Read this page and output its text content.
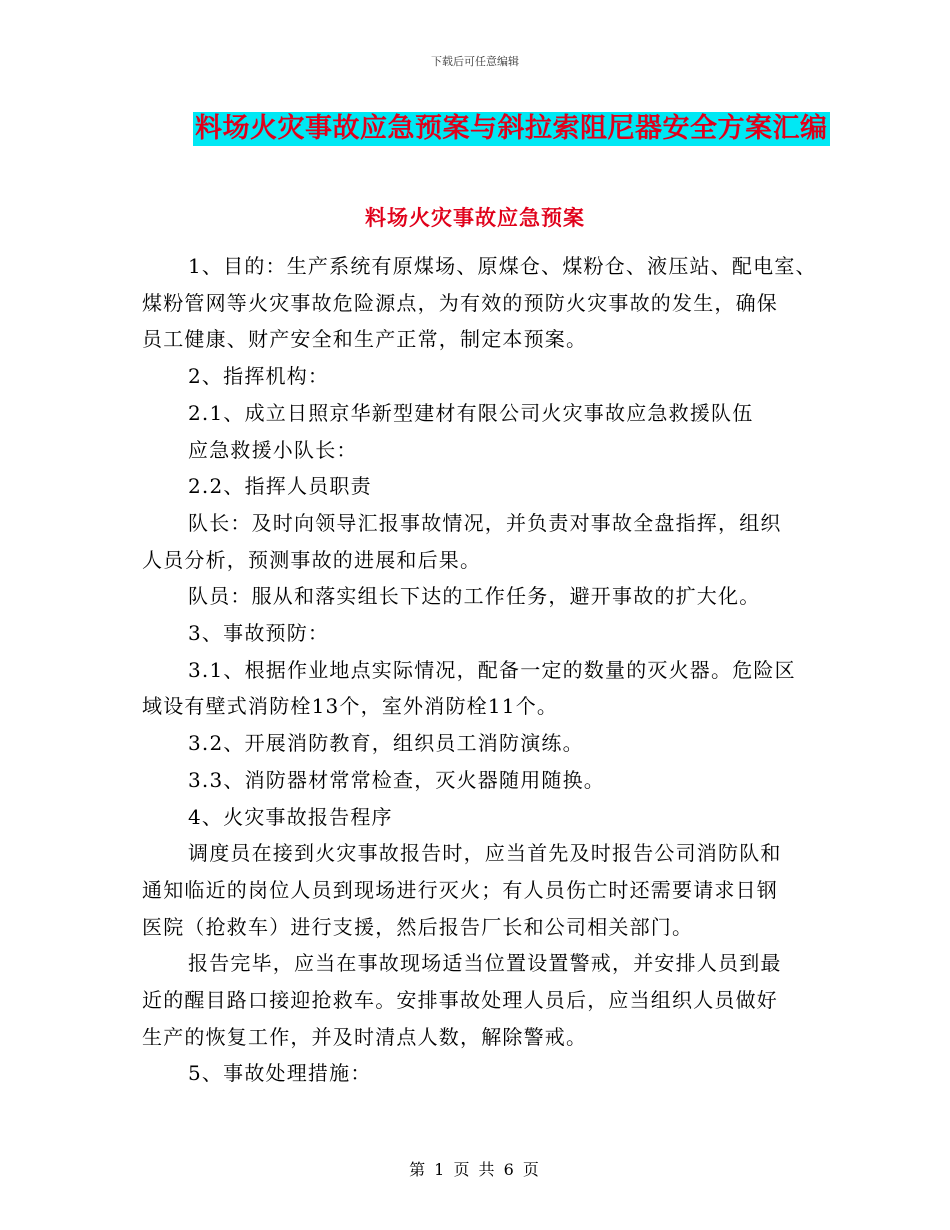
下载后可任意编辑
料场火灾事故应急预案与斜拉索阻尼器安全方案汇编
料场火灾事故应急预案
1、目的：生产系统有原煤场、原煤仓、煤粉仓、液压站、配电室、
煤粉管网等火灾事故危险源点，为有效的预防火灾事故的发生，确保
员工健康、财产安全和生产正常，制定本预案。
2、指挥机构：
2.1、成立日照京华新型建材有限公司火灾事故应急救援队伍
应急救援小队长：
2.2、指挥人员职责
队长：及时向领导汇报事故情况，并负责对事故全盘指挥，组织
人员分析，预测事故的进展和后果。
队员：服从和落实组长下达的工作任务，避开事故的扩大化。
3、事故预防：
3.1、根据作业地点实际情况，配备一定的数量的灭火器。危险区
域设有壁式消防栓13个，室外消防栓11个。
3.2、开展消防教育，组织员工消防演练。
3.3、消防器材常常检查，灭火器随用随换。
4、火灾事故报告程序
调度员在接到火灾事故报告时，应当首先及时报告公司消防队和
通知临近的岗位人员到现场进行灭火；有人员伤亡时还需要请求日钢
医院（抢救车）进行支援，然后报告厂长和公司相关部门。
报告完毕，应当在事故现场适当位置设置警戒，并安排人员到最
近的醒目路口接迎抢救车。安排事故处理人员后，应当组织人员做好
生产的恢复工作，并及时清点人数，解除警戒。
5、事故处理措施：
第 1 页 共 6 页
